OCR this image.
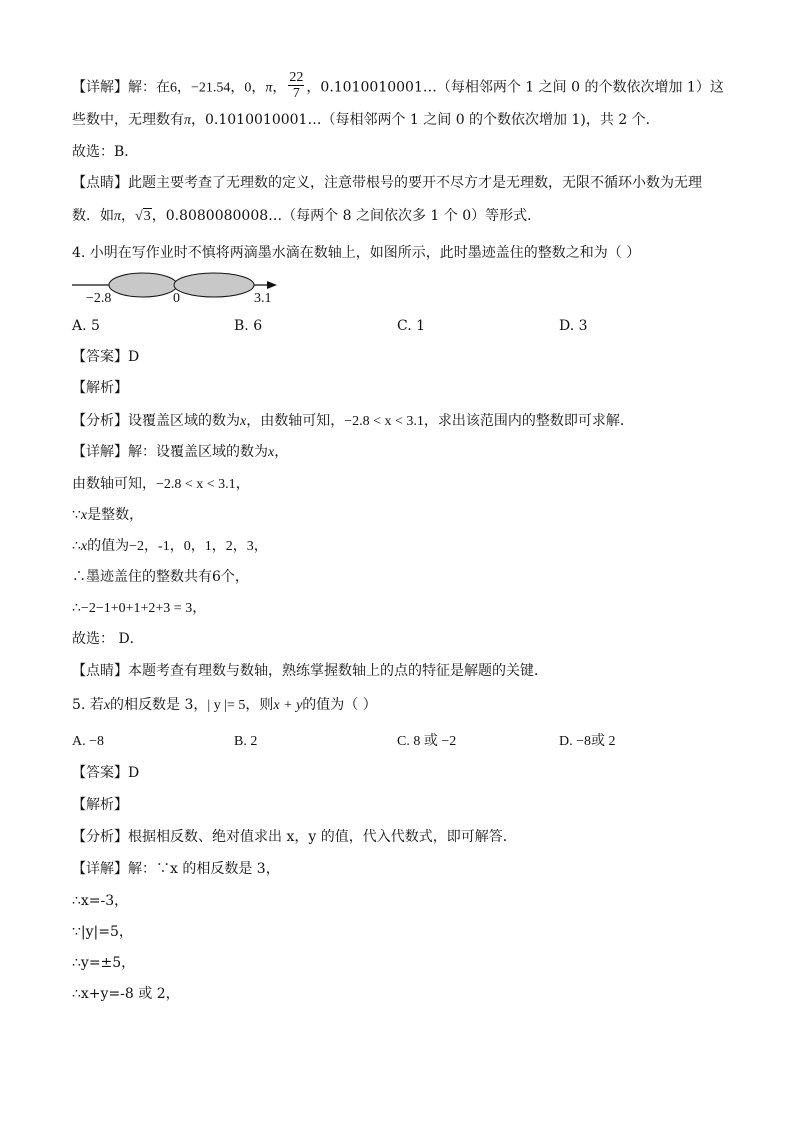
【详解】解：在6，−21.54，0，π， $\frac{22}{7}$ ，0.1010010001…（每相邻两个 1 之间 0 的个数依次增加 1）这
些数中，无理数有π，0.1010010001…（每相邻两个 1 之间 0 的个数依次增加 1)，共 2 个．
故选：B．
【点睛】此题主要考查了无理数的定义，注意带根号的要开不尽方才是无理数，无限不循环小数为无理
数．如π，√3，0.8080080008…（每两个 8 之间依次多 1 个 0）等形式．
4. 小明在写作业时不慎将两滴墨水滴在数轴上，如图所示，此时墨迹盖住的整数之和为（ ）
−2.8	0	3.1
A. 5	B. 6	C. 1	D. 3
【答案】D
【解析】
【分析】设覆盖区域的数为x，由数轴可知，−2.8 < x < 3.1，求出该范围内的整数即可求解．
【详解】解：设覆盖区域的数为x，
由数轴可知，−2.8 < x < 3.1，
∵x是整数，
∴x的值为−2，-1，0，1，2，3，
∴墨迹盖住的整数共有6个，
∴−2−1+0+1+2+3 = 3，
故选： D．
【点睛】本题考查有理数与数轴，熟练掌握数轴上的点的特征是解题的关键．
5. 若x的相反数是 3，| y |= 5，则x + y的值为（ ）
A. −8	B. 2	C. 8 或 −2	D. −8或 2
【答案】D
【解析】
【分析】根据相反数、绝对值求出 x，y 的值，代入代数式，即可解答．
【详解】解：∵x 的相反数是 3，
∴x=-3，
∵|y|=5，
∴y=±5，
∴x+y=-8 或 2，
